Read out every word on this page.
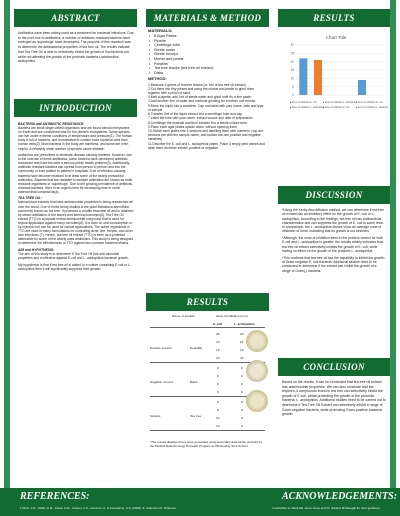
ABSTRACT
Antibiotics have been widely used as a treatment for bacterial infections. Due to the over-use of antibiotics, a number of antibiotic-resistant bacteria have emerged as 'superbugs' have developed. The purpose of this research was to determine the antibacterial properties of tea tree oil. The results indicate that Tea Tree Oil is able to selectively inhibit the growth of Escherichia coli, while not affecting the growth of the probiotic bacteria Lactobacillus acidophilus.
INTRODUCTION
BACTERIA and ANTIBIOTIC RESISTANCE:

Bacteria are small single-celled organisms and are found almost everywhere on Earth and are considered vital for the planet's ecosystems. Some species can live under extreme conditions of temperature and pressure(1). The human body is full of bacteria, and is estimated to contain more bacterial cells than human cells(2). Most bacteria in the body are harmless, and some are even helpful. A relatively small number of species cause disease.

Antibiotics are prescribed to eliminate disease causing bacteria. However, due to the overuse of these antibiotics, some bacteria have developed antibiotic resistance and have become a serious public health problem(3). Additionally, antibiotic resistant bacteria can spread from person to person and into the community or from patient to patient in hospitals. A lot of infection-causing bacteria have become resistant to at least some of the widely prescribed antibiotics. Bacteria that are resistant to multiple antibiotics are known as multi-resistant organisms or 'superbugs'. Due to the growing prevalence of antibiotic-resistant bacteria, there is an urgent need for developing new or novel antimicrobial compounds(4).

TEA TREE OIL:

Natural plant extracts that have antimicrobial properties is being researched all over the world. One of these being studied is the plant Melaleuca alternifolia commonly known as tea tree. It produces a volatile essential oil and is obtained by steam distillation of the leaves and terminal branches(5). Tea Tree Oil extract (TTO) is a popular herbal antimicrobial compound that is used for topical application against many microbes(6). It is toxic on oral consumption or by injection but can be used for topical applications. The active ingredients in TTO are used in many formulations for controlling acne, lice, herpes, and other skin infections (7). Hence, tea tree oil extract (TTO) is seen as a potential alternative for some of the widely used antibiotics. This study is being designed to determine the effectiveness of TTO against two common bacterial strains.

AIM and HYPOTHESIS:

The aim of this study is to determine if Tea Tree Oil has anti-microbial properties and is effective against E.coli and L. acidophilus bacterial growth.

My hypothesis is that if tea tree oil is added to a culture containing E.coli or L. acidophilus then it will significantly suppress their growth.

MATERIALS & METHOD
MATERIALS:
• 8 Agar Plates
• Pipette
• Centrifuge tube
• Sterile water
• Sterile forceps
• Mortar and pestle
• Parafilm
• Tea tree leaves (tea tree oil extract)
• Disks
METHOD:
1.Measure 3 grams of tea tree leaves (or 1ml of tea tree oil extract)
2.Cut them into tiny pieces and using the mortar and pestle to grind them together with a pinch of sand.
3.Melt a pipette, add 2ml of sterile water and grind until it's a fine paste.
4.Add another 4ml of water and continue grinding for a further one minute.
5.Move the liquid into a container. Cap and label with your name, date and type of sample.
6.Transfer 2ml of the liquid extract into a centrifuge tube and cap.
7.Label the tube with your name, extract source and date of preparation.
8.Centrifuge the material and then transfer it to a sterile culture tube.
9.Place each agar plates upside down, without opening them
10.Divide each plates into 4 sections and labelling them with numbers ( top two sections are with the sample-name, and bottom two are positive and negative variables)
11.Describe the E. coli and L. acidophilus plates. Place 3 empty petri dishes and label them as either extract, positive or negative
RESULTS
Name of sample	Zone of inhibition (mm)
E. coli	L. acidophilus
Positive Control	Penicillin
26	20
16	21
19	19
20	22
Negative Control	Blank
0	0
0	0
0	0
0	0
Sample	Tea tree
6	0
8	0
12	0
10	0
*The results displayed here were generated using secondary data kindly provided by the Medical Biotechnology Outreach Program at Whitsunday Tech School.
RESULTS
Chart Title
0
5
10
15
20
25
30
■ Zone of inhibition E. coli	■ Zone of inhibition L. acidophilus
■ Zone of inhibition E. coli
■ Zone of inhibition L. acidophilus
■ Zone of inhibition E. coli	■ Zone of inhibition L. acidophilus
DISCUSSION

*Using the Kerby disc diffusion method, we can determine if tea tree oil extract has an inhibitory effect on the growth of E. coli or L. acidophilus. According to the findings, tea tree oil has antibacterial characteristics and can suppress the growth of E. coli to some level. In comparison, the L. acidophilus dishes show an average zone of inhibition of 0mm, indicating that its growth is not inhibited.

*Although, the zone of inhibition seen in the positive control for both E.coli and L. acidophilus is greater, the results clearly indicates that tea tree oil extract selectively inhibits the growth of E. coli, while having no effect on the growth of the probiotic L. acidophilus.

*This confirms that tea tree oil has the capability to inhibit the growth of Gram-negative E. coli bacteria. Additional studies need to be conducted to determine if the extract can inhibit the growth of a range of Gram(-) bacteria.

CONCLUSION
Based on the results, it can be concluded that tea tree oil extract has antimicrobial properties. We can also conclude that the terpinen-4 compounds found in tea tree can selectively inhibit the growth of E.coli, whilst protecting the growth of the probiotic bacteria, L. acidophilus. Additional studies need to be carried out to determine if Tea Tree Oil Extract can selectively inhibit a range of Gram-negative bacteria, while promoting Gram-positive bacterial growth.
REFERENCES:
1.Ricci, F.G., Tabla, G.M., Paula, G.R., Carson, C.F., Hammer, K. & Cesmalme, S.S. (2006). 2. Anderson M. Sciences.
ACKNOWLEDGEMENTS:
I would like to thank Ms. Anne Jeroy and Dr. Sandra McDougall for their guidance.
